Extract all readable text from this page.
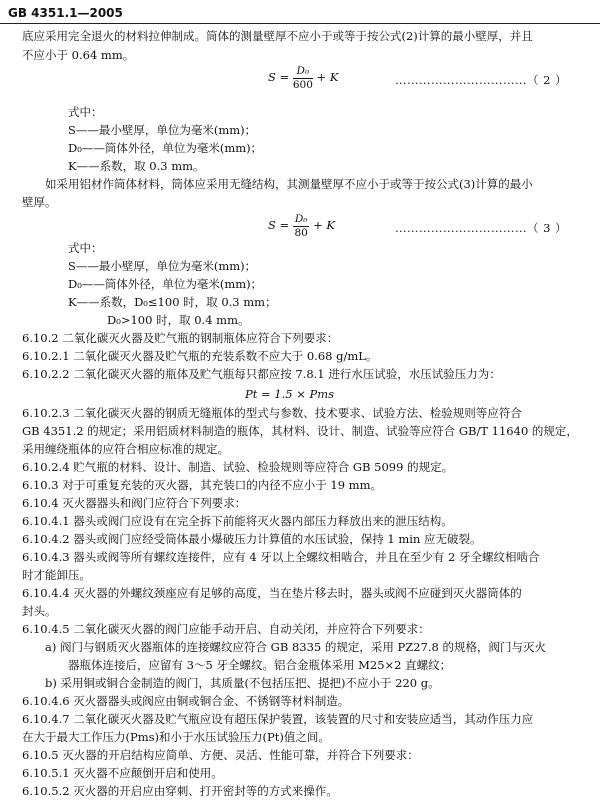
GB 4351.1—2005
底应采用完全退火的材料拉伸制成。筒体的测量壁厚不应小于或等于按公式(2)计算的最小壁厚，并且
不应小于 0.64 mm。
$S = \frac{\text{D₀}}{600} + K$	……………………………（ 2 ）
式中：
S——最小壁厚，单位为毫米(mm)；
D₀——筒体外径，单位为毫米(mm)；
K——系数，取 0.3 mm。
如采用铝材作筒体材料，筒体应采用无缝结构，其测量壁厚不应小于或等于按公式(3)计算的最小
壁厚。
$S = \frac{\text{D₀}}{80} + K$	……………………………（ 3 ）
式中：
S——最小壁厚，单位为毫米(mm)；
D₀——筒体外径，单位为毫米(mm)；
K——系数，D₀≤100 时，取 0.3 mm；
D₀>100 时，取 0.4 mm。
6.10.2 二氧化碳灭火器及贮气瓶的钢制瓶体应符合下列要求：
6.10.2.1 二氧化碳灭火器及贮气瓶的充装系数不应大于 0.68 g/mL。
6.10.2.2 二氧化碳灭火器的瓶体及贮气瓶每只都应按 7.8.1 进行水压试验，水压试验压力为：
Pt = 1.5 × Pms
6.10.2.3 二氧化碳灭火器的钢质无缝瓶体的型式与参数、技术要求、试验方法、检验规则等应符合
GB 4351.2 的规定；采用铝质材料制造的瓶体，其材料、设计、制造、试验等应符合 GB/T 11640 的规定，
采用缠绕瓶体的应符合相应标准的规定。
6.10.2.4 贮气瓶的材料、设计、制造、试验、检验规则等应符合 GB 5099 的规定。
6.10.3 对于可重复充装的灭火器，其充装口的内径不应小于 19 mm。
6.10.4 灭火器器头和阀门应符合下列要求：
6.10.4.1 器头或阀门应设有在完全拆下前能将灭火器内部压力释放出来的泄压结构。
6.10.4.2 器头或阀门应经受筒体最小爆破压力计算值的水压试验，保持 1 min 应无破裂。
6.10.4.3 器头或阀等所有螺纹连接件，应有 4 牙以上全螺纹相啮合，并且在至少有 2 牙全螺纹相啮合
时才能卸压。
6.10.4.4 灭火器的外螺纹颈座应有足够的高度，当在垫片移去时，器头或阀不应碰到灭火器筒体的
封头。
6.10.4.5 二氧化碳灭火器的阀门应能手动开启、自动关闭，并应符合下列要求：
a) 阀门与钢质灭火器瓶体的连接螺纹应符合 GB 8335 的规定，采用 PZ27.8 的规格，阀门与灭火
器瓶体连接后，应留有 3～5 牙全螺纹。铝合金瓶体采用 M25×2 直螺纹；
b) 采用铜或铜合金制造的阀门，其质量(不包括压把、提把)不应小于 220 g。
6.10.4.6 灭火器器头或阀应由铜或铜合金、不锈钢等材料制造。
6.10.4.7 二氧化碳灭火器及贮气瓶应设有超压保护装置，该装置的尺寸和安装应适当，其动作压力应
在大于最大工作压力(Pms)和小于水压试验压力(Pt)值之间。
6.10.5 灭火器的开启结构应简单、方便、灵活、性能可靠，并符合下列要求：
6.10.5.1 灭火器不应颠倒开启和使用。
6.10.5.2 灭火器的开启应由穿刺、打开密封等的方式来操作。
